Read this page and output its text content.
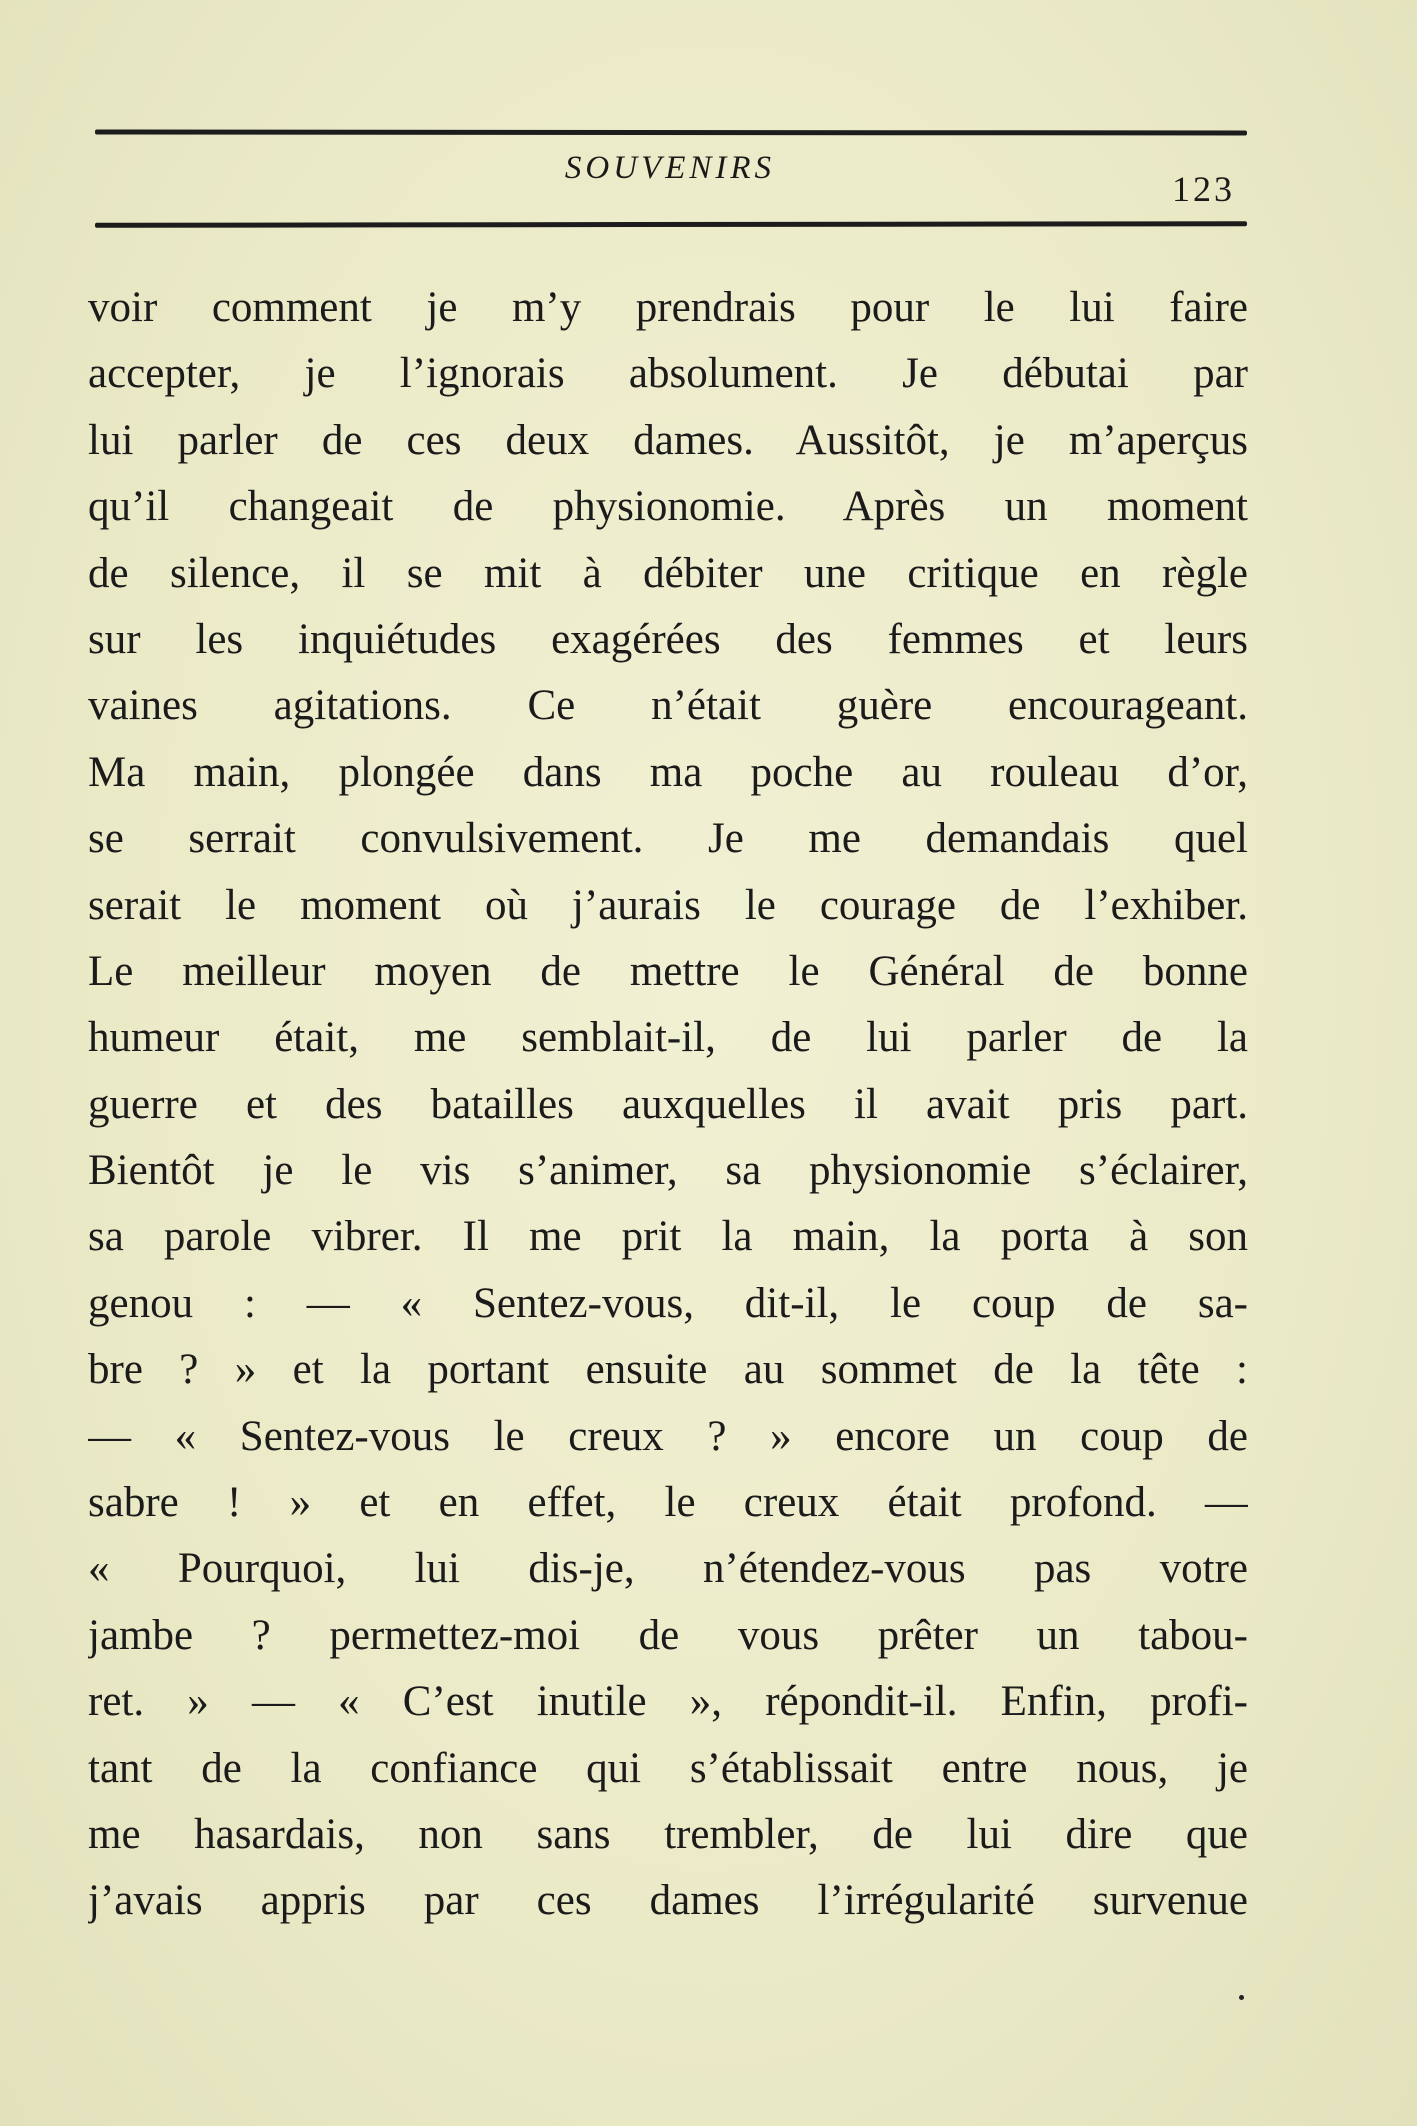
SOUVENIRS
123
voir comment je m’y prendrais pour le lui faire
accepter, je l’ignorais absolument. Je débutai par
lui parler de ces deux dames. Aussitôt, je m’aperçus
qu’il changeait de physionomie. Après un moment
de silence, il se mit à débiter une critique en règle
sur les inquiétudes exagérées des femmes et leurs
vaines agitations. Ce n’était guère encourageant.
Ma main, plongée dans ma poche au rouleau d’or,
se serrait convulsivement. Je me demandais quel
serait le moment où j’aurais le courage de l’exhiber.
Le meilleur moyen de mettre le Général de bonne
humeur était, me semblait-il, de lui parler de la
guerre et des batailles auxquelles il avait pris part.
Bientôt je le vis s’animer, sa physionomie s’éclairer,
sa parole vibrer. Il me prit la main, la porta à son
genou : — « Sentez-vous, dit-il, le coup de sa-
bre ? » et la portant ensuite au sommet de la tête :
— « Sentez-vous le creux ? » encore un coup de
sabre ! » et en effet, le creux était profond. —
« Pourquoi, lui dis-je, n’étendez-vous pas votre
jambe ? permettez-moi de vous prêter un tabou-
ret. » — « C’est inutile », répondit-il. Enfin, profi-
tant de la confiance qui s’établissait entre nous, je
me hasardais, non sans trembler, de lui dire que
j’avais appris par ces dames l’irrégularité survenue
